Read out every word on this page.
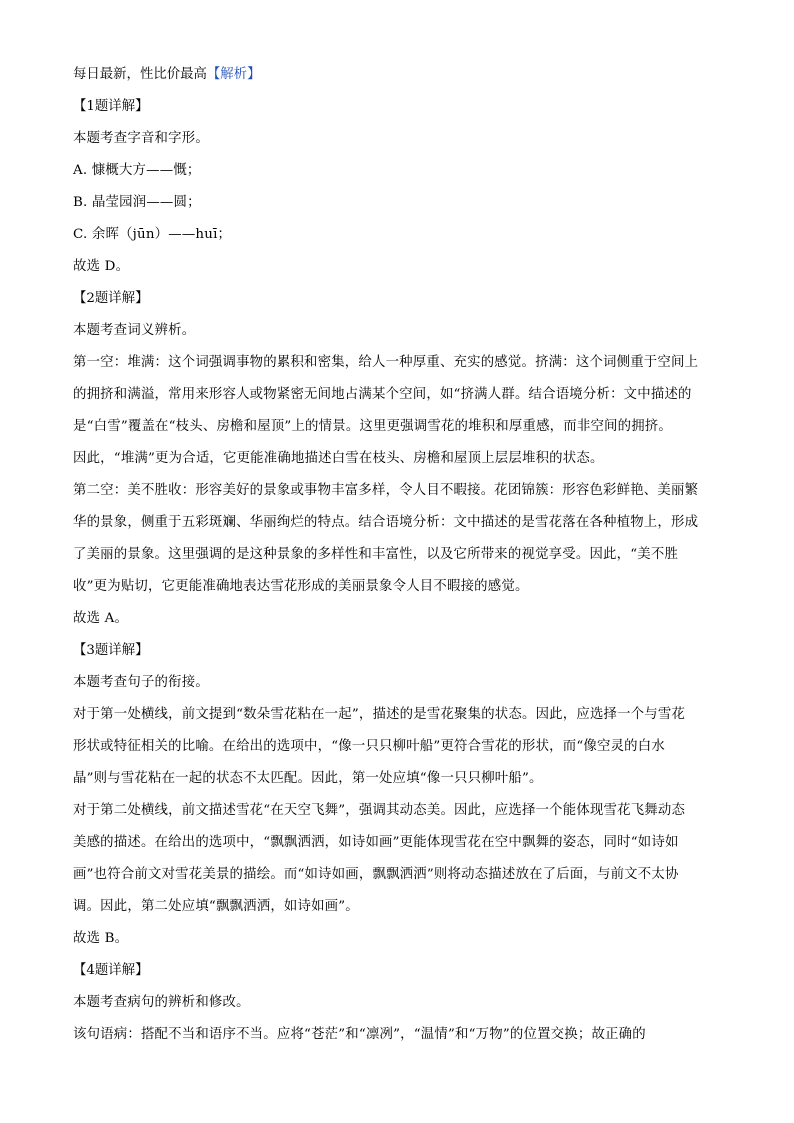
每日最新，性比价最高【解析】
【1题详解】
本题考查字音和字形。
A. 慷概大方——慨；
B. 晶莹园润——圆；
C. 余晖（jūn）——huī；
故选 D。
【2题详解】
本题考查词义辨析。
第一空：堆满：这个词强调事物的累积和密集，给人一种厚重、充实的感觉。挤满：这个词侧重于空间上
的拥挤和满溢，常用来形容人或物紧密无间地占满某个空间，如“挤满人群。结合语境分析：文中描述的
是“白雪”覆盖在“枝头、房檐和屋顶”上的情景。这里更强调雪花的堆积和厚重感，而非空间的拥挤。
因此，“堆满”更为合适，它更能准确地描述白雪在枝头、房檐和屋顶上层层堆积的状态。
第二空：美不胜收：形容美好的景象或事物丰富多样，令人目不暇接。花团锦簇：形容色彩鲜艳、美丽繁
华的景象，侧重于五彩斑斓、华丽绚烂的特点。结合语境分析：文中描述的是雪花落在各种植物上，形成
了美丽的景象。这里强调的是这种景象的多样性和丰富性，以及它所带来的视觉享受。因此，“美不胜
收”更为贴切，它更能准确地表达雪花形成的美丽景象令人目不暇接的感觉。
故选 A。
【3题详解】
本题考查句子的衔接。
对于第一处横线，前文提到“数朵雪花粘在一起”，描述的是雪花聚集的状态。因此，应选择一个与雪花
形状或特征相关的比喻。在给出的选项中，“像一只只柳叶船”更符合雪花的形状，而“像空灵的白水
晶”则与雪花粘在一起的状态不太匹配。因此，第一处应填“像一只只柳叶船”。
对于第二处横线，前文描述雪花“在天空飞舞”，强调其动态美。因此，应选择一个能体现雪花飞舞动态
美感的描述。在给出的选项中，“飘飘洒洒，如诗如画”更能体现雪花在空中飘舞的姿态，同时“如诗如
画”也符合前文对雪花美景的描绘。而“如诗如画，飘飘洒洒”则将动态描述放在了后面，与前文不太协
调。因此，第二处应填“飘飘洒洒，如诗如画”。
故选 B。
【4题详解】
本题考查病句的辨析和修改。
该句语病：搭配不当和语序不当。应将“苍茫”和“凛冽”，“温情”和“万物”的位置交换；故正确的
